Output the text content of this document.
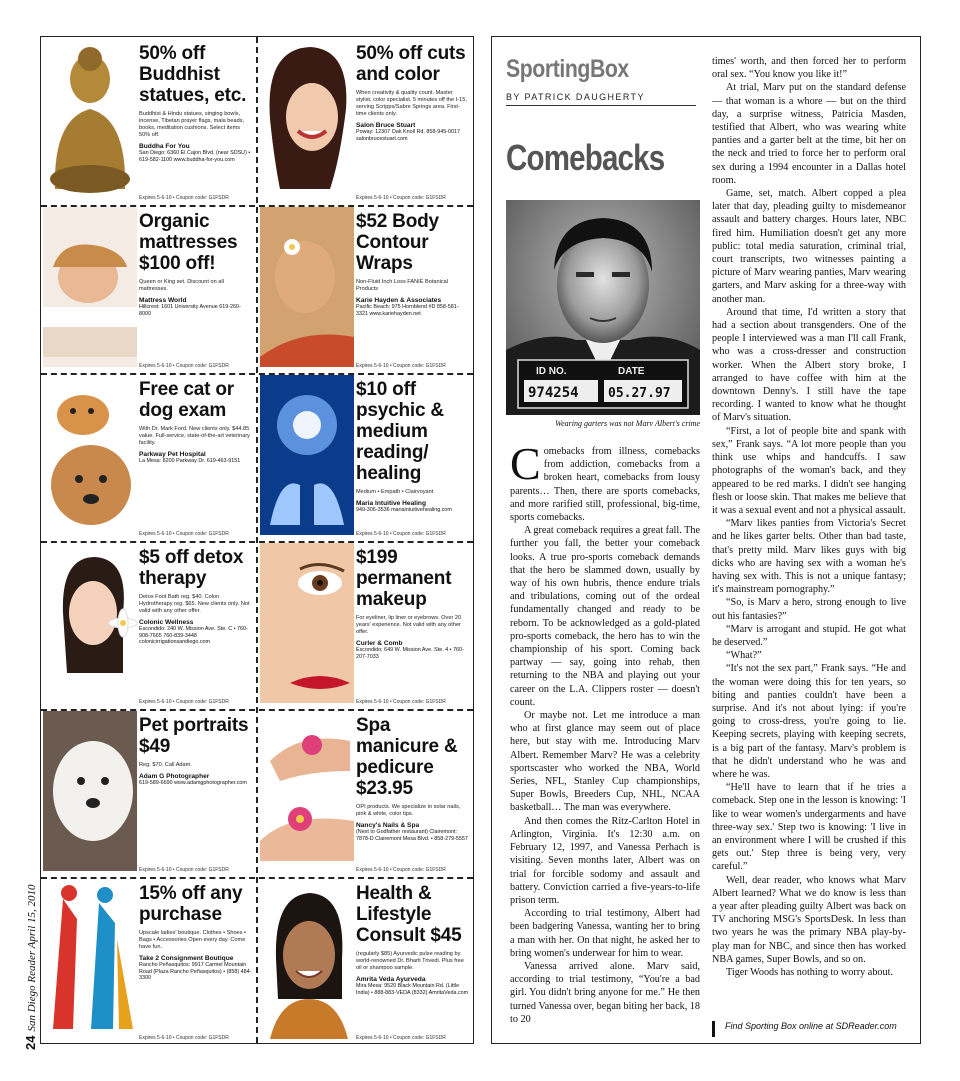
24San Diego Reader April 15, 2010
50% off Buddhist statues, etc.
Buddhist & Hindu statues, singing bowls, incense, Tibetan prayer flags, mala beads, books, meditation cushions. Select items 50% off.
Buddha For You
San Diego: 6360 El Cajon Blvd. (near SDSU) • 619-582-1100 www.buddha-for-you.com
Expires 5-6-10 • Coupon code: G1FSDR
50% off cuts and color
When creativity & quality count. Master stylist, color specialist. 5 minutes off the I-15, serving Scripps/Sabre Springs area. First-time clients only.
Salon Bruce Stuart
Poway: 12307 Oak Knoll Rd. 858-945-0017 salonbrucestuart.com
Expires 5-6-10 • Coupon code: G1FSDR
Organic mattresses $100 off!
Queen or King set. Discount on all mattresses.
Mattress World
Hillcrest: 1601 University Avenue 619-260-8000
Expires 5-6-10 • Coupon code: G1FSDR
$52 Body Contour Wraps
Non-Fluid Inch Loss FANIÉ Botanical Products
Karie Hayden & Associates
Pacific Beach: 975 Hornblend #D 858-581-3321 www.kariehayden.net
Expires 5-6-10 • Coupon code: G1FSDR
Free cat or dog exam
With Dr. Mark Ford. New clients only. $44.85 value. Full-service, state-of-the-art veterinary facility.
Parkway Pet Hospital
La Mesa: 8200 Parkway Dr. 619-463-9151
Expires 5-6-10 • Coupon code: G1FSDR
$10 off psychic & medium reading/ healing
Medium • Empath • Clairvoyant
Maria Intuitive Healing
949-306-3536 mariaintuitivehealing.com
Expires 5-6-10 • Coupon code: G1FSDR
$5 off detox therapy
Detox Foot Bath reg. $40. Colon Hydrotherapy reg. $65. New clients only. Not valid with any other offer.
Colonic Wellness
Escondido: 240 W. Mission Ave. Ste. C • 760-908-7665 760-839-3448 colonicirrigationsandiego.com
Expires 5-6-10 • Coupon code: G1FSDR
$199 permanent makeup
For eyeliner, lip liner or eyebrows. Over 20 years' experience. Not valid with any other offer.
Curler & Comb
Escondido: 649 W. Mission Ave. Ste. 4 • 760-207-7033
Expires 5-6-10 • Coupon code: G1FSDR
Pet portraits $49
Reg. $70. Call Adam.
Adam G Photographer
619-589-6690 www.adamgphotographer.com
Expires 5-6-10 • Coupon code: G1FSDR
Spa manicure & pedicure $23.95
OPI products. We specialize in solar nails, pink & white, color tips.
Nancy's Nails & Spa
(Next to Godfather restaurant) Clairemont: 7878-D Clairemont Mesa Blvd. • 858-279-5557
Expires 5-6-10 • Coupon code: G1FSDR
15% off any purchase
Upscale ladies' boutique. Clothes • Shoes • Bags • Accessories Open every day. Come have fun.
Take 2 Consignment Boutique
Rancho Peñasquitos: 9917 Carmel Mountain Road (Plaza Rancho Peñasquitos) • (858) 484-3300
Expires 5-6-10 • Coupon code: G1FSDR
Health & Lifestyle Consult $45
(regularly $85) Ayurvedic pulse reading by world-renowned Dr. Bharti Trivedi. Plus free oil or shampoo sample.
Amrita Veda Ayurveda
Mira Mesa: 9520 Black Mountain Rd. (Little India) • 888-883-VEDA (8332) AmritaVeda.com
Expires 5-6-10 • Coupon code: G1FSDR
SportingBox
BY PATRICK DAUGHERTY
Comebacks
ID NO.	DATE
974254 05.27.97
Wearing garters was not Marv Albert's crime

Comebacks from illness, comebacks from addiction, comebacks from a broken heart, comebacks from lousy parents… Then, there are sports comebacks, and more rarified still, professional, big-time, sports comebacks.

A great comeback requires a great fall. The further you fall, the better your comeback looks. A true pro-sports comeback demands that the hero be slammed down, usually by way of his own hubris, thence endure trials and tribulations, coming out of the ordeal fundamentally changed and ready to be reborn. To be acknowledged as a gold-plated pro-sports comeback, the hero has to win the championship of his sport. Coming back partway — say, going into rehab, then returning to the NBA and playing out your career on the L.A. Clippers roster — doesn't count.

Or maybe not. Let me introduce a man who at first glance may seem out of place here, but stay with me. Introducing Marv Albert. Remember Marv? He was a celebrity sportscaster who worked the NBA, World Series, NFL, Stanley Cup championships, Super Bowls, Breeders Cup, NHL, NCAA basketball… The man was everywhere.

And then comes the Ritz-Carlton Hotel in Arlington, Virginia. It's 12:30 a.m. on February 12, 1997, and Vanessa Perhach is visiting. Seven months later, Albert was on trial for forcible sodomy and assault and battery. Conviction carried a five-years-to-life prison term.

According to trial testimony, Albert had been badgering Vanessa, wanting her to bring a man with her. On that night, he asked her to bring women's underwear for him to wear.

Vanessa arrived alone. Marv said, according to trial testimony, “You're a bad girl. You didn't bring anyone for me.” He then turned Vanessa over, began biting her back, 18 to 20

times' worth, and then forced her to perform oral sex. “You know you like it!”

At trial, Marv put on the standard defense — that woman is a whore — but on the third day, a surprise witness, Patricia Masden, testified that Albert, who was wearing white panties and a garter belt at the time, bit her on the neck and tried to force her to perform oral sex during a 1994 encounter in a Dallas hotel room.

Game, set, match. Albert copped a plea later that day, pleading guilty to misdemeanor assault and battery charges. Hours later, NBC fired him. Humiliation doesn't get any more public: total media saturation, criminal trial, court transcripts, two witnesses painting a picture of Marv wearing panties, Marv wearing garters, and Marv asking for a three-way with another man.

Around that time, I'd written a story that had a section about transgenders. One of the people I interviewed was a man I'll call Frank, who was a cross-dresser and construction worker. When the Albert story broke, I arranged to have coffee with him at the downtown Denny's. I still have the tape recording. I wanted to know what he thought of Marv's situation.

“First, a lot of people bite and spank with sex,” Frank says. “A lot more people than you think use whips and handcuffs. I saw photographs of the woman's back, and they appeared to be red marks. I didn't see hanging flesh or loose skin. That makes me believe that it was a sexual event and not a physical assault.

“Marv likes panties from Victoria's Secret and he likes garter belts. Other than bad taste, that's pretty mild. Marv likes guys with big dicks who are having sex with a woman he's having sex with. This is not a unique fantasy; it's mainstream pornography.”

“So, is Marv a hero, strong enough to live out his fantasies?”

“Marv is arrogant and stupid. He got what he deserved.”

“What?”

“It's not the sex part,” Frank says. “He and the woman were doing this for ten years, so biting and panties couldn't have been a surprise. And it's not about lying: if you're going to cross-dress, you're going to lie. Keeping secrets, playing with keeping secrets, is a big part of the fantasy. Marv's problem is that he didn't understand who he was and where he was.

“He'll have to learn that if he tries a comeback. Step one in the lesson is knowing: 'I like to wear women's undergarments and have three-way sex.' Step two is knowing: 'I live in an environment where I will be crushed if this gets out.' Step three is being very, very careful.”

Well, dear reader, who knows what Marv Albert learned? What we do know is less than a year after pleading guilty Albert was back on TV anchoring MSG's SportsDesk. In less than two years he was the primary NBA play-by-play man for NBC, and since then has worked NBA games, Super Bowls, and so on.

Tiger Woods has nothing to worry about.

Find Sporting Box online at SDReader.com
